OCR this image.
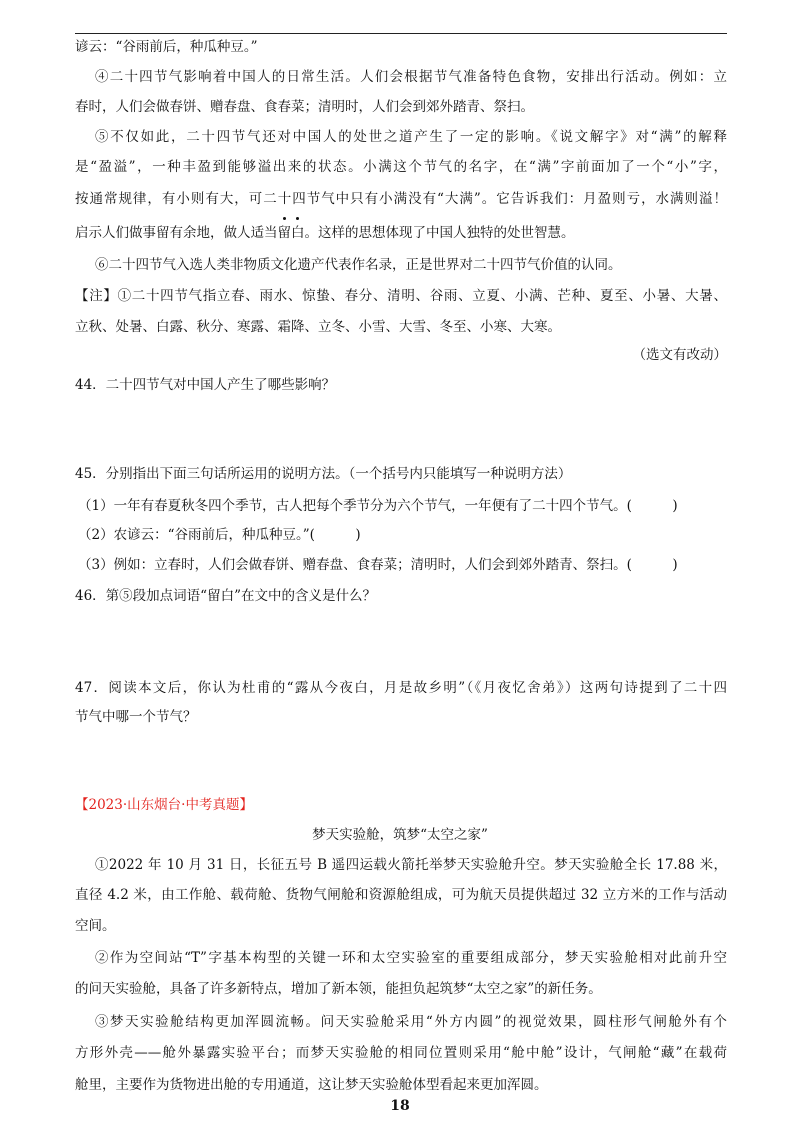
谚云：“谷雨前后，种瓜种豆。”
④二十四节气影响着中国人的日常生活。人们会根据节气准备特色食物，安排出行活动。例如：立
春时，人们会做春饼、赠春盘、食春菜；清明时，人们会到郊外踏青、祭扫。
⑤不仅如此，二十四节气还对中国人的处世之道产生了一定的影响。《说文解字》对“满”的解释
是“盈溢”，一种丰盈到能够溢出来的状态。小满这个节气的名字，在“满”字前面加了一个“小”字，
按通常规律，有小则有大，可二十四节气中只有小满没有“大满”。它告诉我们：月盈则亏，水满则溢！
启示人们做事留有余地，做人适当留白。这样的思想体现了中国人独特的处世智慧。
⑥二十四节气入选人类非物质文化遗产代表作名录，正是世界对二十四节气价值的认同。
【注】①二十四节气指立春、雨水、惊蛰、春分、清明、谷雨、立夏、小满、芒种、夏至、小暑、大暑、
立秋、处暑、白露、秋分、寒露、霜降、立冬、小雪、大雪、冬至、小寒、大寒。
（选文有改动）
44．二十四节气对中国人产生了哪些影响？
45．分别指出下面三句话所运用的说明方法。（一个括号内只能填写一种说明方法）
（1）一年有春夏秋冬四个季节，古人把每个季节分为六个节气，一年便有了二十四个节气。(　　　)
（2）农谚云：“谷雨前后，种瓜种豆。”(　　　)
（3）例如：立春时，人们会做春饼、赠春盘、食春菜；清明时，人们会到郊外踏青、祭扫。(　　　)
46．第⑤段加点词语“留白”在文中的含义是什么？
47．阅读本文后，你认为杜甫的“露从今夜白，月是故乡明”（《月夜忆舍弟》）这两句诗提到了二十四
节气中哪一个节气？
【2023·山东烟台·中考真题】
梦天实验舱，筑梦“太空之家”
①2022 年 10 月 31 日，长征五号 B 遥四运载火箭托举梦天实验舱升空。梦天实验舱全长 17.88 米，
直径 4.2 米，由工作舱、载荷舱、货物气闸舱和资源舱组成，可为航天员提供超过 32 立方米的工作与活动
空间。
②作为空间站“T”字基本构型的关键一环和太空实验室的重要组成部分，梦天实验舱相对此前升空
的问天实验舱，具备了许多新特点，增加了新本领，能担负起筑梦“太空之家”的新任务。
③梦天实验舱结构更加浑圆流畅。问天实验舱采用“外方内圆”的视觉效果，圆柱形气闸舱外有个
方形外壳——舱外暴露实验平台；而梦天实验舱的相同位置则采用“舱中舱”设计，气闸舱“藏”在载荷
舱里，主要作为货物进出舱的专用通道，这让梦天实验舱体型看起来更加浑圆。
18
